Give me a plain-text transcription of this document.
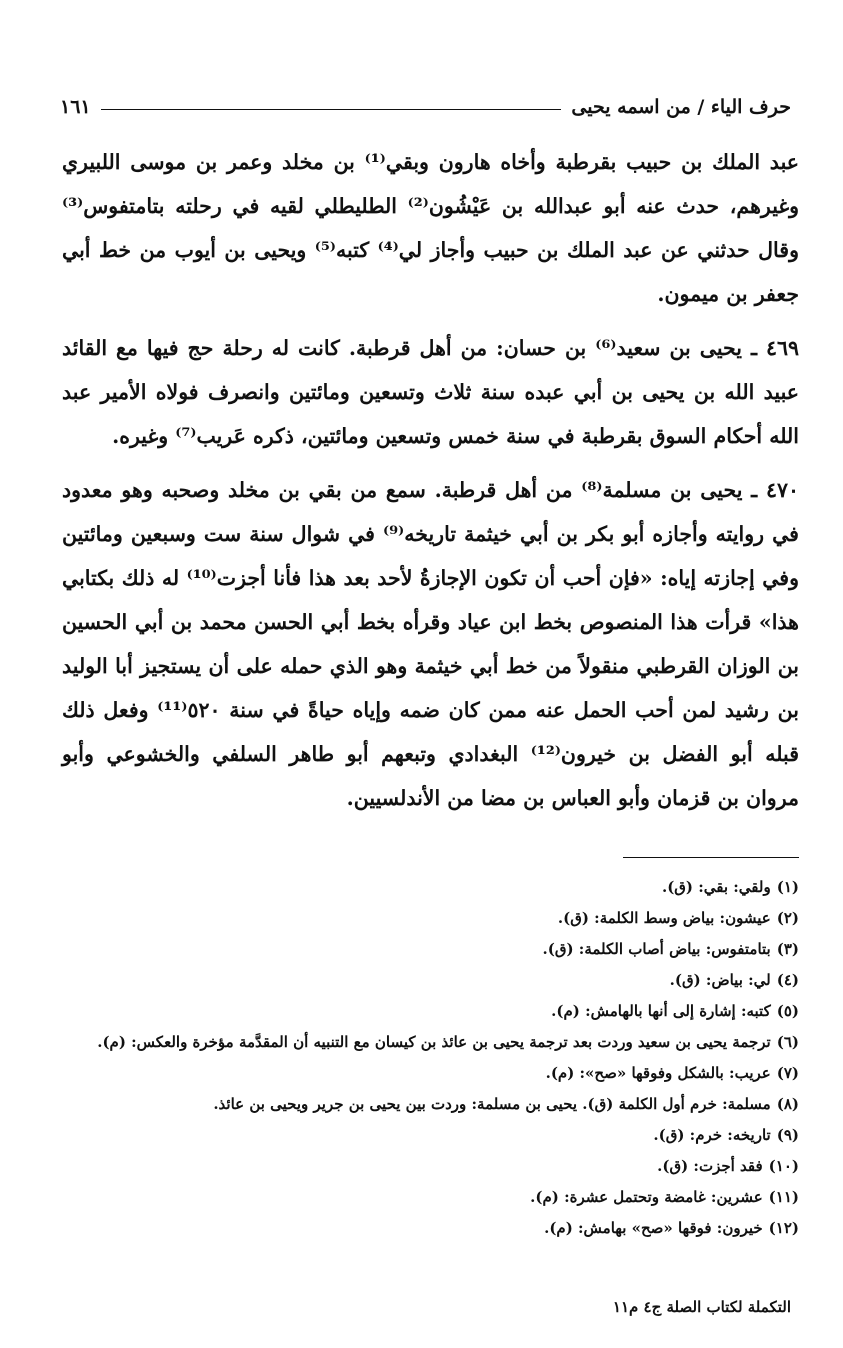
حرف الياء / من اسمه يحيى
١٦١

عبد الملك بن حبيب بقرطبة وأخاه هارون وبقي⁽¹⁾ بن مخلد وعمر بن موسى اللبيري وغيرهم، حدث عنه أبو عبدالله بن عَيْشُون⁽²⁾ الطليطلي لقيه في رحلته بتامتفوس⁽³⁾ وقال حدثني عن عبد الملك بن حبيب وأجاز لي⁽⁴⁾ كتبه⁽⁵⁾ ويحيى بن أيوب من خط أبي جعفر بن ميمون.

٤٦٩ ـ يحيى بن سعيد⁽⁶⁾ بن حسان: من أهل قرطبة. كانت له رحلة حج فيها مع القائد عبيد الله بن يحيى بن أبي عبده سنة ثلاث وتسعين ومائتين وانصرف فولاه الأمير عبد الله أحكام السوق بقرطبة في سنة خمس وتسعين ومائتين، ذكره عَريب⁽⁷⁾ وغيره.

٤٧٠ ـ يحيى بن مسلمة⁽⁸⁾ من أهل قرطبة. سمع من بقي بن مخلد وصحبه وهو معدود في روايته وأجازه أبو بكر بن أبي خيثمة تاريخه⁽⁹⁾ في شوال سنة ست وسبعين ومائتين وفي إجازته إياه: «فإن أحب أن تكون الإجازةُ لأحد بعد هذا فأنا أجزت⁽¹⁰⁾ له ذلك بكتابي هذا» قرأت هذا المنصوص بخط ابن عياد وقرأه بخط أبي الحسن محمد بن أبي الحسين بن الوزان القرطبي منقولاً من خط أبي خيثمة وهو الذي حمله على أن يستجيز أبا الوليد بن رشيد لمن أحب الحمل عنه ممن كان ضمه وإياه حياةً في سنة ٥٢٠⁽¹¹⁾ وفعل ذلك قبله أبو الفضل بن خيرون⁽¹²⁾ البغدادي وتبعهم أبو طاهر السلفي والخشوعي وأبو مروان بن قزمان وأبو العباس بن مضا من الأندلسيين.

(١)ولقي: بقي: (ق).

(٢)عيشون: بياض وسط الكلمة: (ق).

(٣)بتامتفوس: بياض أصاب الكلمة: (ق).

(٤)لي: بياض: (ق).

(٥)كتبه: إشارة إلى أنها بالهامش: (م).

(٦)ترجمة يحيى بن سعيد وردت بعد ترجمة يحيى بن عائذ بن كيسان مع التنبيه أن المقدَّمة مؤخرة والعكس: (م).

(٧)عريب: بالشكل وفوقها «صح»: (م).

(٨)مسلمة: خرم أول الكلمة (ق). يحيى بن مسلمة: وردت بين يحيى بن جرير ويحيى بن عائذ.

(٩)تاريخه: خرم: (ق).

(١٠)فقد أجزت: (ق).

(١١)عشرين: غامضة وتحتمل عشرة: (م).

(١٢)خيرون: فوقها «صح» بهامش: (م).

التكملة لكتاب الصلة ج٤ م١١
